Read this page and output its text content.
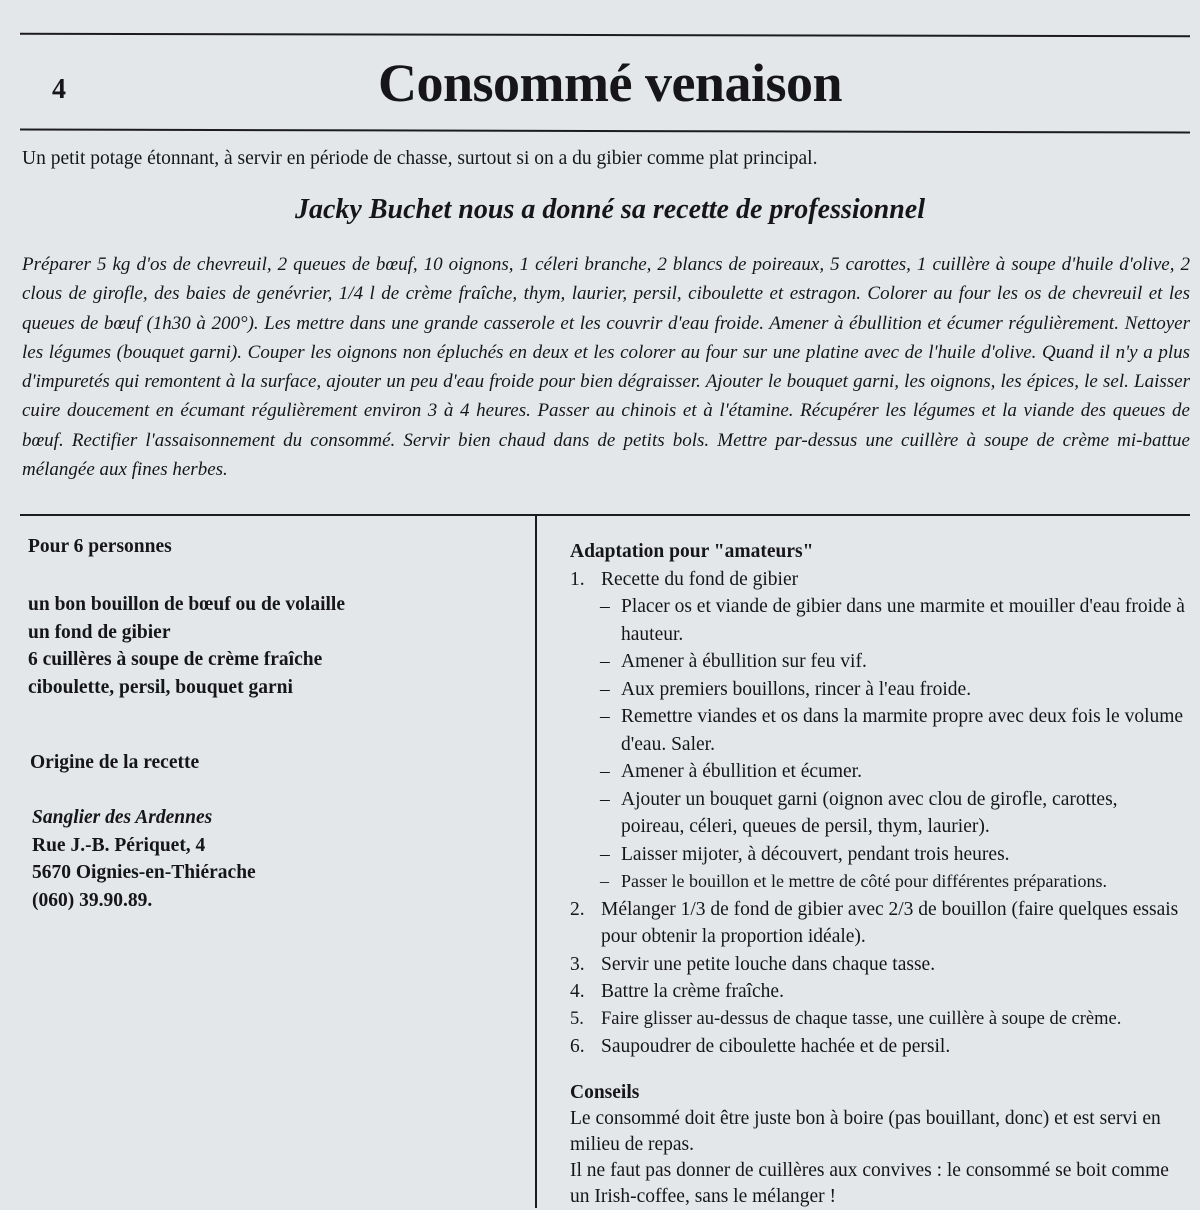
4	Consommé venaison
Un petit potage étonnant, à servir en période de chasse, surtout si on a du gibier comme plat principal.
Jacky Buchet nous a donné sa recette de professionnel
Préparer 5 kg d'os de chevreuil, 2 queues de bœuf, 10 oignons, 1 céleri branche, 2 blancs de poireaux, 5 carottes, 1 cuillère à soupe d'huile d'olive, 2 clous de girofle, des baies de genévrier, 1/4 l de crème fraîche, thym, laurier, persil, ciboulette et estragon. Colorer au four les os de chevreuil et les queues de bœuf (1h30 à 200°). Les mettre dans une grande casserole et les couvrir d'eau froide. Amener à ébullition et écumer régulièrement. Nettoyer les légumes (bouquet garni). Couper les oignons non épluchés en deux et les colorer au four sur une platine avec de l'huile d'olive. Quand il n'y a plus d'impuretés qui remontent à la surface, ajouter un peu d'eau froide pour bien dégraisser. Ajouter le bouquet garni, les oignons, les épices, le sel. Laisser cuire doucement en écumant régulièrement environ 3 à 4 heures. Passer au chinois et à l'étamine. Récupérer les légumes et la viande des queues de bœuf. Rectifier l'assaisonnement du consommé. Servir bien chaud dans de petits bols. Mettre par-dessus une cuillère à soupe de crème mi-battue mélangée aux fines herbes.
Pour 6 personnes
un bon bouillon de bœuf ou de volaille
un fond de gibier
6 cuillères à soupe de crème fraîche
ciboulette, persil, bouquet garni
Origine de la recette
Sanglier des Ardennes
Rue J.-B. Périquet, 4
5670 Oignies-en-Thiérache
(060) 39.90.89.
Adaptation pour "amateurs"
1. Recette du fond de gibier
– Placer os et viande de gibier dans une marmite et mouiller d'eau froide à hauteur.
– Amener à ébullition sur feu vif.
– Aux premiers bouillons, rincer à l'eau froide.
– Remettre viandes et os dans la marmite propre avec deux fois le volume d'eau. Saler.
– Amener à ébullition et écumer.
– Ajouter un bouquet garni (oignon avec clou de girofle, carottes, poireau, céleri, queues de persil, thym, laurier).
– Laisser mijoter, à découvert, pendant trois heures.
– Passer le bouillon et le mettre de côté pour différentes préparations.
2. Mélanger 1/3 de fond de gibier avec 2/3 de bouillon (faire quelques essais pour obtenir la proportion idéale).
3. Servir une petite louche dans chaque tasse.
4. Battre la crème fraîche.
5. Faire glisser au-dessus de chaque tasse, une cuillère à soupe de crème.
6. Saupoudrer de ciboulette hachée et de persil.
Conseils
Le consommé doit être juste bon à boire (pas bouillant, donc) et est servi en milieu de repas.
Il ne faut pas donner de cuillères aux convives : le consommé se boit comme un Irish-coffee, sans le mélanger !
